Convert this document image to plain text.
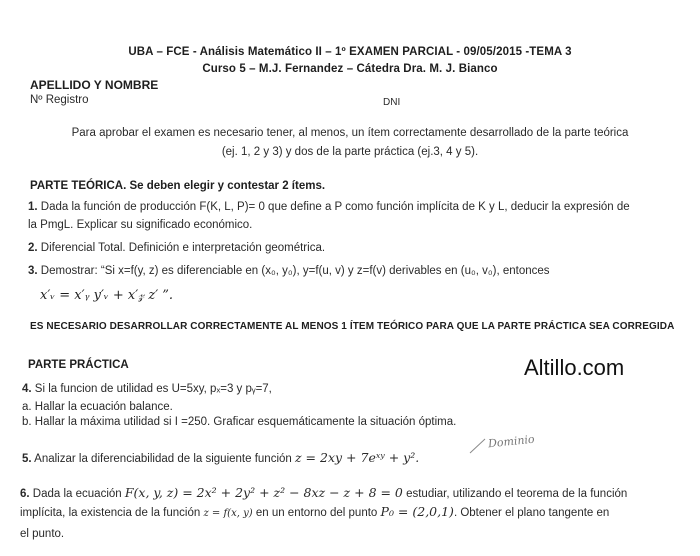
UBA – FCE - Análisis Matemático II – 1º EXAMEN PARCIAL - 09/05/2015 -TEMA 3
Curso 5 – M.J. Fernandez – Cátedra Dra. M. J. Bianco
APELLIDO Y NOMBRE
Nº Registro	DNI
Para aprobar el examen es necesario tener, al menos, un ítem correctamente desarrollado de la parte teórica
(ej. 1, 2 y 3) y dos de la parte práctica (ej.3, 4 y 5).
PARTE TEÓRICA. Se deben elegir y contestar 2 ítems.
1. Dada la función de producción F(K, L, P)= 0 que define a P como función implícita de K y L, deducir la expresión de
la PmgL. Explicar su significado económico.
2. Diferencial Total. Definición e interpretación geométrica.
3. Demostrar: “Si x=f(y, z) es diferenciable en (x₀, y₀), y=f(u, v) y z=f(v) derivables en (u₀, v₀), entonces
x′ᵥ = x′ᵧ y′ᵥ + x′𝓏 z′ ”.
ES NECESARIO DESARROLLAR CORRECTAMENTE AL MENOS 1 ÍTEM TEÓRICO PARA QUE LA PARTE PRÁCTICA SEA CORREGIDA
PARTE PRÁCTICA	Altillo.com
4. Si la funcion de utilidad es U=5xy, pₓ=3 y pᵧ=7,
a. Hallar la ecuación balance.
b. Hallar la máxima utilidad si I =250. Graficar esquemáticamente la situación óptima.
5. Analizar la diferenciabilidad de la siguiente función z = 2xy + 7eˣʸ + y².
Dominio
6. Dada la ecuación F(x, y, z) = 2x² + 2y² + z² − 8xz − z + 8 = 0 estudiar, utilizando el teorema de la función
implícita, la existencia de la función z = f(x, y) en un entorno del punto P₀ = (2,0,1). Obtener el plano tangente en
el punto.
